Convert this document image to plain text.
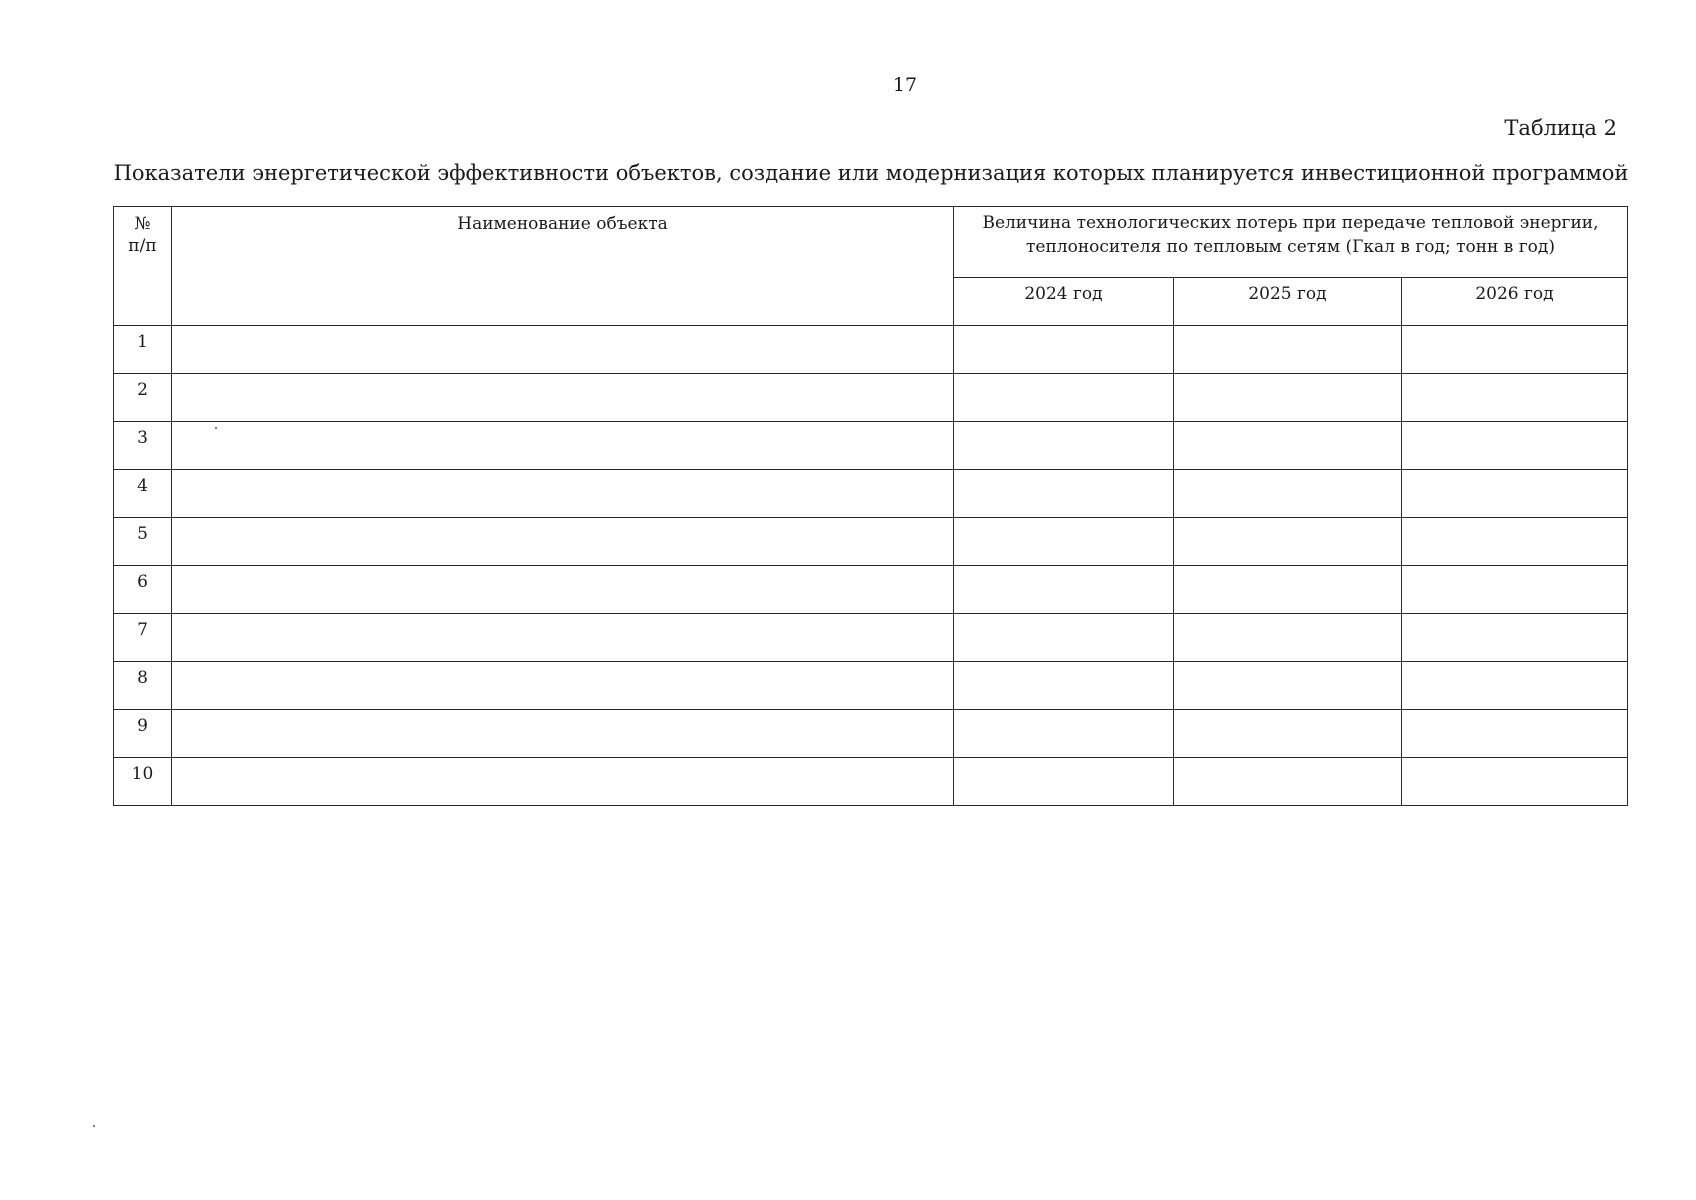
17
Таблица 2
Показатели энергетической эффективности объектов, создание или модернизация которых планируется инвестиционной программой
№
п/п	Наименование объекта	Величина технологических потерь при передаче тепловой энергии, теплоносителя по тепловым сетям (Гкал в год; тонн в год)		
		2024 год	2025 год	2026 год
1				
2				
3				
4				
5				
6				
7				
8				
9				
10				
